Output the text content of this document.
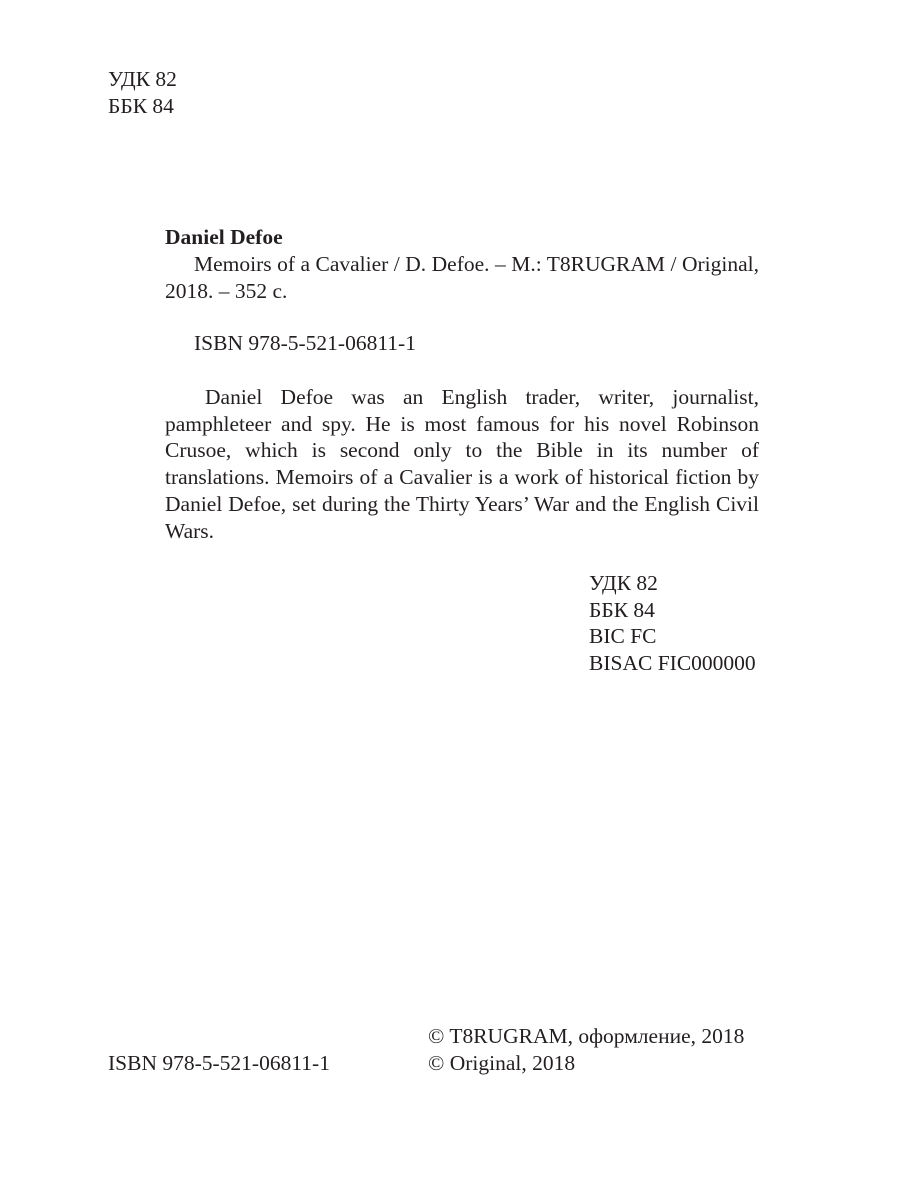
УДК 82
ББК 84
Daniel Defoe
Memoirs of a Cavalier / D. Defoe. – M.: T8RUGRAM / Original, 2018. – 352 с.
ISBN 978-5-521-06811-1
Daniel Defoe was an English trader, writer, journalist, pamphleteer and spy. He is most famous for his novel Robinson Crusoe, which is second only to the Bible in its number of translations. Memoirs of a Cavalier is a work of historical fiction by Daniel Defoe, set during the Thirty Years’ War and the English Civil Wars.
УДК 82
ББК 84
BIC FC
BISAC FIC000000
ISBN 978-5-521-06811-1
© T8RUGRAM, оформление, 2018
© Original, 2018
